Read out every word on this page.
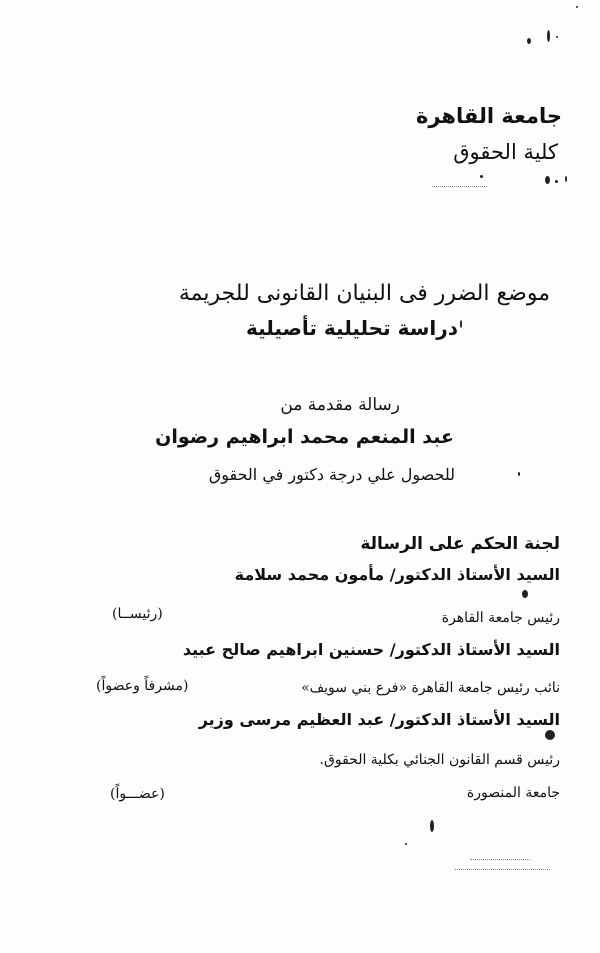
جامعة القاهرة
كلية الحقوق
موضع الضرر فى البنيان القانونى للجريمة
دراسة تحليلية تأصيلية
رسالة مقدمة من
عبد المنعم محمد ابراهيم رضوان
للحصول علي درجة دكتور في الحقوق
لجنة الحكم على الرسالة
السيد الأستاذ الدكتور/ مأمون محمد سلامة
رئيس جامعة القاهرة
(رئيســا)
السيد الأستاذ الدكتور/ حسنين ابراهيم صالح عبيد
نائب رئيس جامعة القاهرة «فرع بني سويف»
(مشرفاً وعضواً)
السيد الأستاذ الدكتور/ عبد العظيم مرسى وزير
رئيس قسم القانون الجنائي بكلية الحقوق.
جامعة المنصورة
(عضـــواً)
